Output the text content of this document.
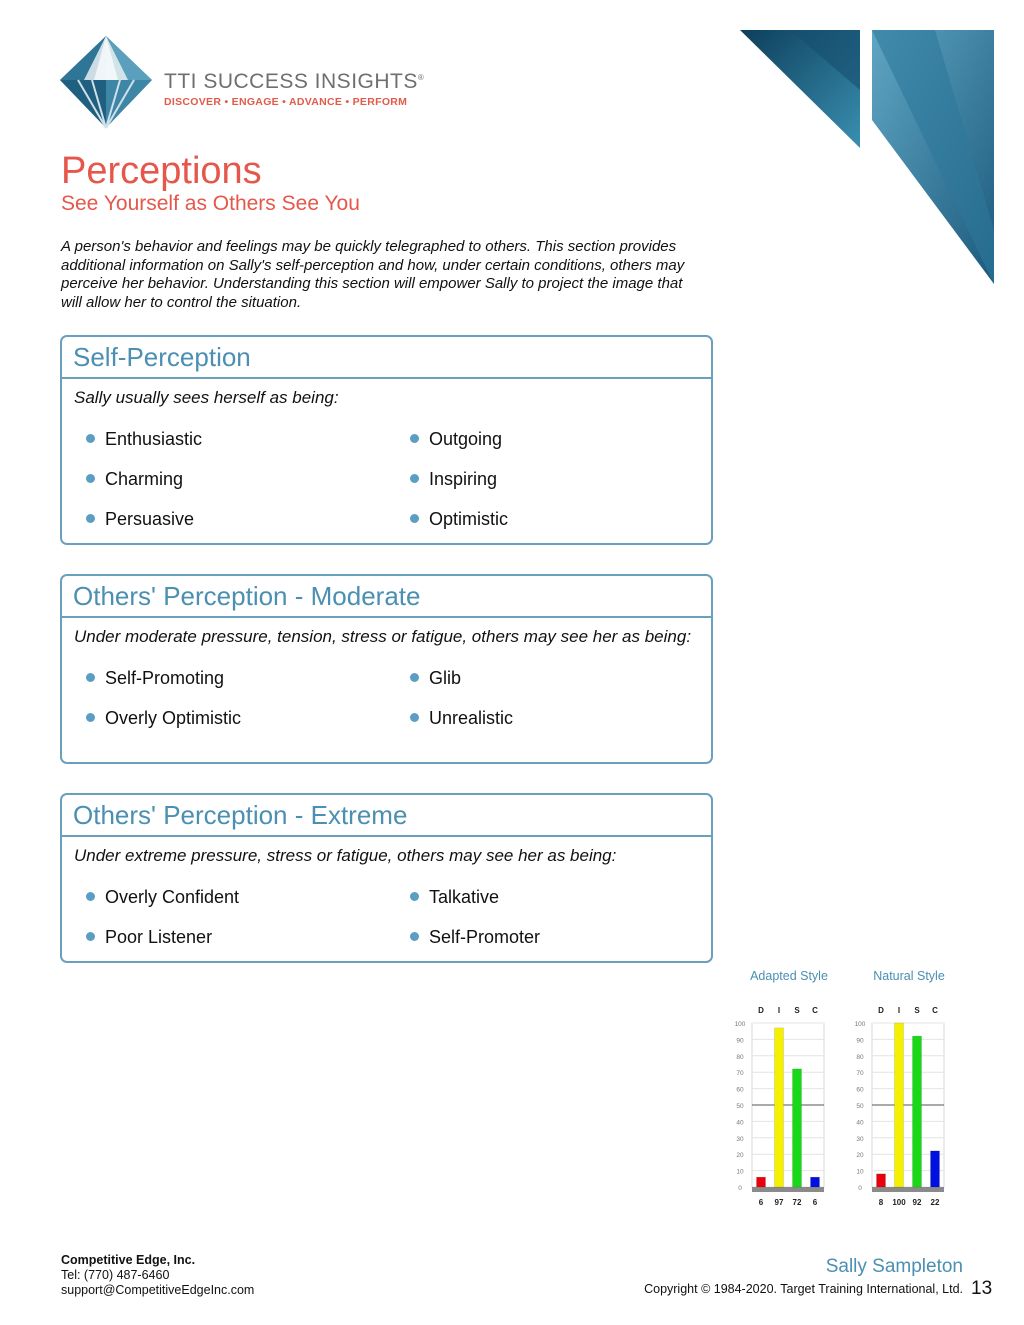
TTI SUCCESS INSIGHTS®
DISCOVER • ENGAGE • ADVANCE • PERFORM
Perceptions
See Yourself as Others See You
A person's behavior and feelings may be quickly telegraphed to others. This section provides additional information on Sally's self-perception and how, under certain conditions, others may perceive her behavior. Understanding this section will empower Sally to project the image that will allow her to control the situation.
Self-Perception
Sally usually sees herself as being:
Enthusiastic	Outgoing
Charming	Inspiring
Persuasive	Optimistic
Others' Perception - Moderate
Under moderate pressure, tension, stress or fatigue, others may see her as being:
Self-Promoting	Glib
Overly Optimistic	Unrealistic
Others' Perception - Extreme
Under extreme pressure, stress or fatigue, others may see her as being:
Overly Confident	Talkative
Poor Listener	Self-Promoter
Adapted Style	Natural Style
0
10
20
30
40
50
60
70
80
90
100
D
6
I
97
S
72
C
6
0
10
20
30
40
50
60
70
80
90
100
D
8
I
100
S
92
C
22
Competitive Edge, Inc.
Tel: (770) 487-6460
support@CompetitiveEdgeInc.com
Sally Sampleton
Copyright © 1984-2020. Target Training International, Ltd. 13
